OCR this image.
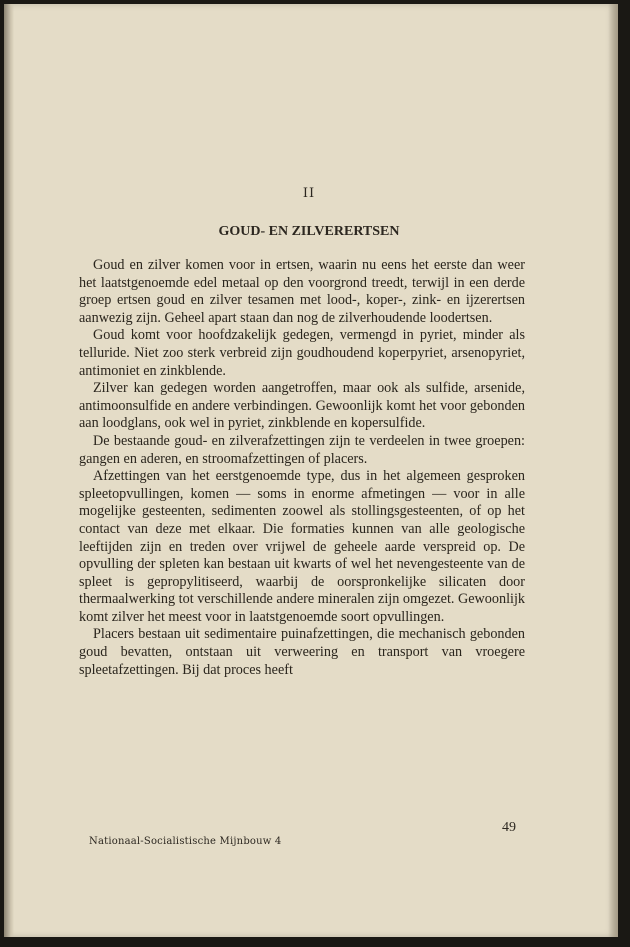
II
GOUD- EN ZILVERERTSEN

Goud en zilver komen voor in ertsen, waarin nu eens het eerste dan weer het laatstgenoemde edel metaal op den voorgrond treedt, terwijl in een derde groep ertsen goud en zilver tesamen met lood-, koper-, zink- en ijzerertsen aanwezig zijn. Geheel apart staan dan nog de zilverhoudende loodertsen.

Goud komt voor hoofdzakelijk gedegen, vermengd in pyriet, minder als telluride. Niet zoo sterk verbreid zijn goudhoudend koperpyriet, arsenopyriet, antimoniet en zinkblende.

Zilver kan gedegen worden aangetroffen, maar ook als sulfide, arsenide, antimoonsulfide en andere verbindingen. Gewoonlijk komt het voor gebonden aan loodglans, ook wel in pyriet, zinkblende en kopersulfide.

De bestaande goud- en zilverafzettingen zijn te verdeelen in twee groepen: gangen en aderen, en stroomafzettingen of placers.

Afzettingen van het eerstgenoemde type, dus in het algemeen gesproken spleetopvullingen, komen — soms in enorme afmetingen — voor in alle mogelijke gesteenten, sedimenten zoowel als stollingsgesteenten, of op het contact van deze met elkaar. Die formaties kunnen van alle geologische leeftijden zijn en treden over vrijwel de geheele aarde verspreid op. De opvulling der spleten kan bestaan uit kwarts of wel het nevengesteente van de spleet is gepropylitiseerd, waarbij de oorspronkelijke silicaten door thermaalwerking tot verschillende andere mineralen zijn omgezet. Gewoonlijk komt zilver het meest voor in laatstgenoemde soort opvullingen.

Placers bestaan uit sedimentaire puinafzettingen, die mechanisch gebonden goud bevatten, ontstaan uit verweering en transport van vroegere spleetafzettingen. Bij dat proces heeft

49
Nationaal-Socialistische Mijnbouw 4
